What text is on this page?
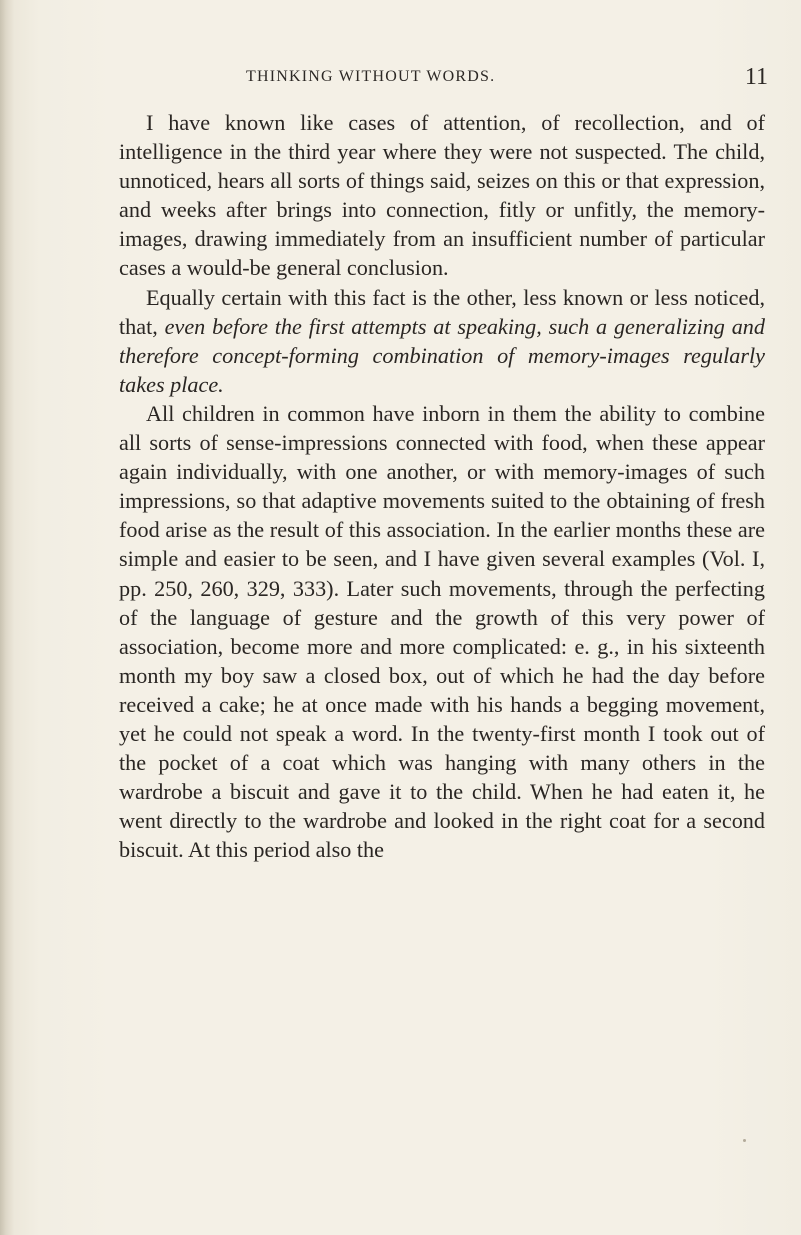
THINKING WITHOUT WORDS.	11

I have known like cases of attention, of recollection, and of intelligence in the third year where they were not suspected. The child, unnoticed, hears all sorts of things said, seizes on this or that expression, and weeks after brings into connection, fitly or unfitly, the memory-images, drawing immediately from an insufficient number of particular cases a would-be general conclusion.

Equally certain with this fact is the other, less known or less noticed, that, even before the first attempts at speaking, such a generalizing and therefore concept-forming combination of memory-images regularly takes place.

All children in common have inborn in them the ability to combine all sorts of sense-impressions connected with food, when these appear again individually, with one another, or with memory-images of such impressions, so that adaptive movements suited to the obtaining of fresh food arise as the result of this association. In the earlier months these are simple and easier to be seen, and I have given several examples (Vol. I, pp. 250, 260, 329, 333). Later such movements, through the perfecting of the language of gesture and the growth of this very power of association, become more and more complicated: e. g., in his sixteenth month my boy saw a closed box, out of which he had the day before received a cake; he at once made with his hands a begging movement, yet he could not speak a word. In the twenty-first month I took out of the pocket of a coat which was hanging with many others in the wardrobe a biscuit and gave it to the child. When he had eaten it, he went directly to the wardrobe and looked in the right coat for a second biscuit. At this period also the
